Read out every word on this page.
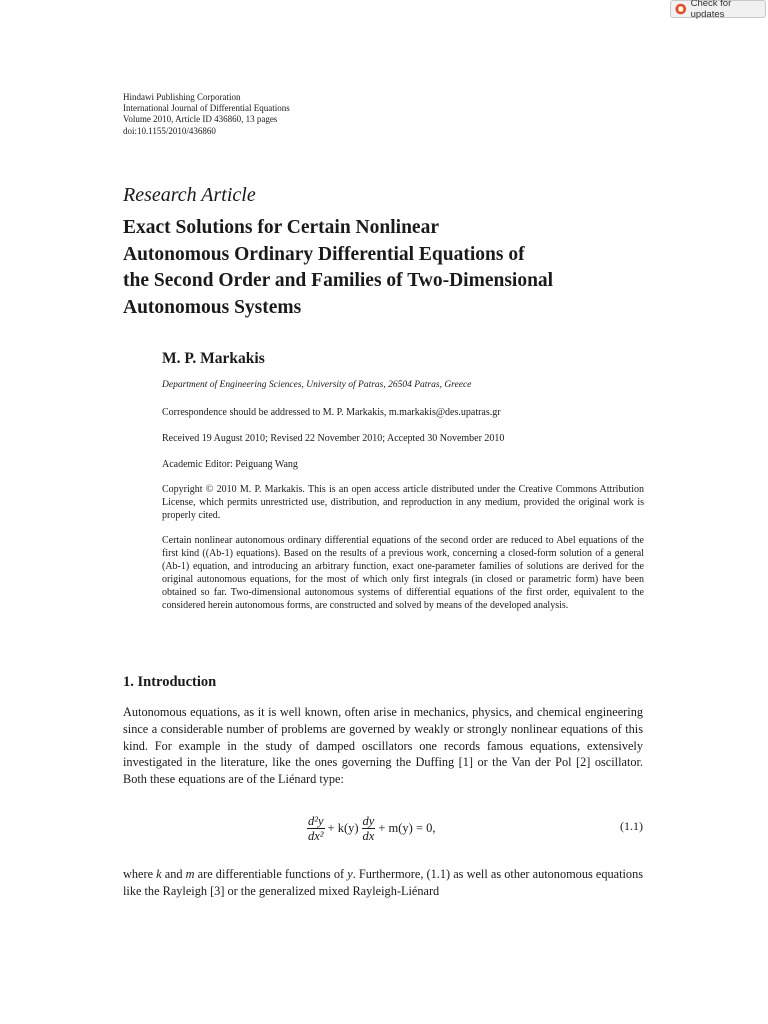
Check for updates
Hindawi Publishing Corporation
International Journal of Differential Equations
Volume 2010, Article ID 436860, 13 pages
doi:10.1155/2010/436860
Research Article
Exact Solutions for Certain Nonlinear
Autonomous Ordinary Differential Equations of
the Second Order and Families of Two-Dimensional
Autonomous Systems
M. P. Markakis
Department of Engineering Sciences, University of Patras, 26504 Patras, Greece
Correspondence should be addressed to M. P. Markakis, m.markakis@des.upatras.gr
Received 19 August 2010; Revised 22 November 2010; Accepted 30 November 2010
Academic Editor: Peiguang Wang
Copyright © 2010 M. P. Markakis. This is an open access article distributed under the Creative Commons Attribution License, which permits unrestricted use, distribution, and reproduction in any medium, provided the original work is properly cited.
Certain nonlinear autonomous ordinary differential equations of the second order are reduced to Abel equations of the first kind ((Ab-1) equations). Based on the results of a previous work, concerning a closed-form solution of a general (Ab-1) equation, and introducing an arbitrary function, exact one-parameter families of solutions are derived for the original autonomous equations, for the most of which only first integrals (in closed or parametric form) have been obtained so far. Two-dimensional autonomous systems of differential equations of the first order, equivalent to the considered herein autonomous forms, are constructed and solved by means of the developed analysis.
1. Introduction
Autonomous equations, as it is well known, often arise in mechanics, physics, and chemical engineering since a considerable number of problems are governed by weakly or strongly nonlinear equations of this kind. For example in the study of damped oscillators one records famous equations, extensively investigated in the literature, like the ones governing the Duffing [1] or the Van der Pol [2] oscillator. Both these equations are of the Liénard type:
$\frac{\text{d²y}}{\text{dx²}} + k(y) \frac{dy}{dx} + m(y) = 0$,	(1.1)
where k and m are differentiable functions of y. Furthermore, (1.1) as well as other autonomous equations like the Rayleigh [3] or the generalized mixed Rayleigh-Liénard
